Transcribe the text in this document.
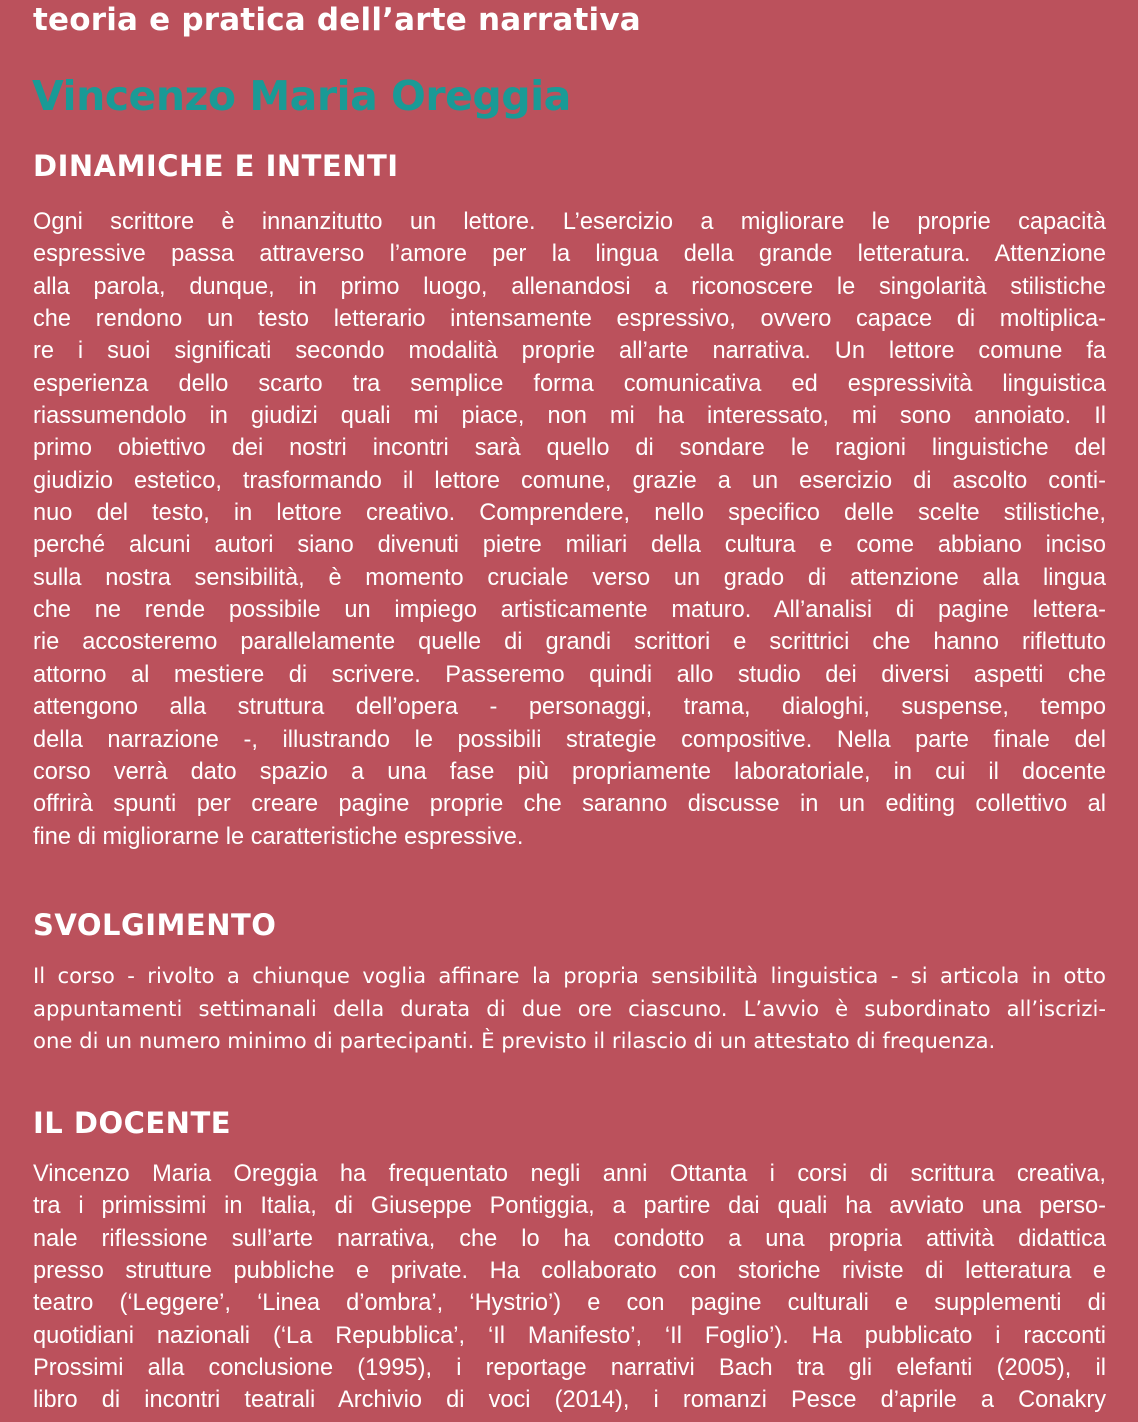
teoria e pratica dell’arte narrativa
Vincenzo Maria Oreggia
DINAMICHE E INTENTI
Ogni scrittore è innanzitutto un lettore. L’esercizio a migliorare le proprie capacità
espressive passa attraverso l’amore per la lingua della grande letteratura. Attenzione
alla parola, dunque, in primo luogo, allenandosi a riconoscere le singolarità stilistiche
che rendono un testo letterario intensamente espressivo, ovvero capace di moltiplica-
re i suoi significati secondo modalità proprie all’arte narrativa. Un lettore comune fa
esperienza dello scarto tra semplice forma comunicativa ed espressività linguistica
riassumendolo in giudizi quali mi piace, non mi ha interessato, mi sono annoiato. Il
primo obiettivo dei nostri incontri sarà quello di sondare le ragioni linguistiche del
giudizio estetico, trasformando il lettore comune, grazie a un esercizio di ascolto conti-
nuo del testo, in lettore creativo. Comprendere, nello specifico delle scelte stilistiche,
perché alcuni autori siano divenuti pietre miliari della cultura e come abbiano inciso
sulla nostra sensibilità, è momento cruciale verso un grado di attenzione alla lingua
che ne rende possibile un impiego artisticamente maturo. All’analisi di pagine lettera-
rie accosteremo parallelamente quelle di grandi scrittori e scrittrici che hanno riflettuto
attorno al mestiere di scrivere. Passeremo quindi allo studio dei diversi aspetti che
attengono alla struttura dell’opera - personaggi, trama, dialoghi, suspense, tempo
della narrazione -, illustrando le possibili strategie compositive. Nella parte finale del
corso verrà dato spazio a una fase più propriamente laboratoriale, in cui il docente
offrirà spunti per creare pagine proprie che saranno discusse in un editing collettivo al
fine di migliorarne le caratteristiche espressive.
SVOLGIMENTO
Il corso - rivolto a chiunque voglia affinare la propria sensibilità linguistica - si articola in otto
appuntamenti settimanali della durata di due ore ciascuno. L’avvio è subordinato all’iscrizi-
one di un numero minimo di partecipanti. È previsto il rilascio di un attestato di frequenza.
IL DOCENTE
Vincenzo Maria Oreggia ha frequentato negli anni Ottanta i corsi di scrittura creativa,
tra i primissimi in Italia, di Giuseppe Pontiggia, a partire dai quali ha avviato una perso-
nale riflessione sull’arte narrativa, che lo ha condotto a una propria attività didattica
presso strutture pubbliche e private. Ha collaborato con storiche riviste di letteratura e
teatro (‘Leggere’, ‘Linea d’ombra’, ‘Hystrio’) e con pagine culturali e supplementi di
quotidiani nazionali (‘La Repubblica’, ‘Il Manifesto’, ‘Il Foglio’). Ha pubblicato i racconti
Prossimi alla conclusione (1995), i reportage narrativi Bach tra gli elefanti (2005), il
libro di incontri teatrali Archivio di voci (2014), i romanzi Pesce d’aprile a Conakry
